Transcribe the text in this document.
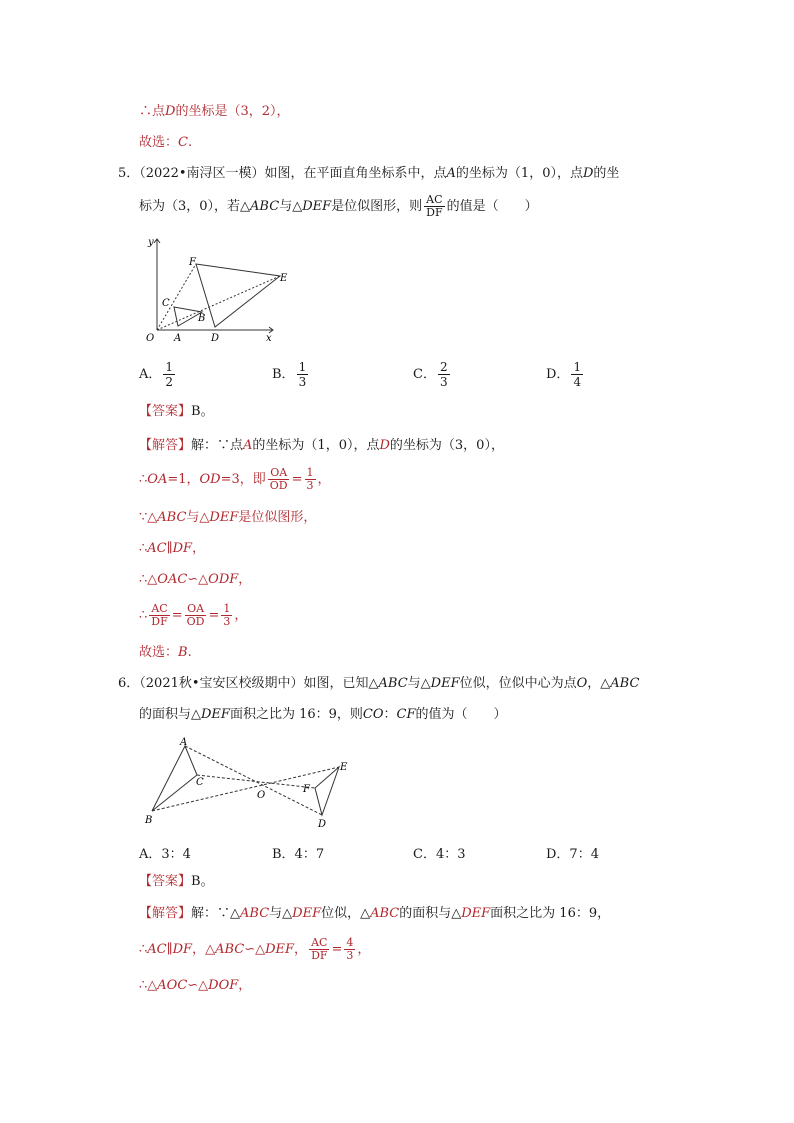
∴点D的坐标是（3，2），
故选：C.
5．（2022•南浔区一模）如图，在平面直角坐标系中，点A的坐标为（1，0），点D的坐
标为（3，0），若△ABC与△DEF是位似图形，则 $\frac{AC}{DF}$ 的值是（　　）
y
x
O A
B
C
D
E
F
A． $\frac{1}{2}$	B． $\frac{1}{3}$	C． $\frac{2}{3}$	D． $\frac{1}{4}$
【答案】B。
【解答】解：∵点A的坐标为（1，0），点D的坐标为（3，0），
∴OA=1，OD=3，即 $\frac{OA}{OD} = \frac{1}{3}$ ，
∵△ABC与△DEF是位似图形，
∴AC∥DF，
∴△OAC∽△ODF，
∴ $\frac{AC}{DF} = \frac{OA}{OD} = \frac{1}{3}$ ，
故选：B.
6．（2021秋•宝安区校级期中）如图，已知△ABC与△DEF位似，位似中心为点O，△ABC
的面积与△DEF面积之比为 16：9，则CO：CF的值为（　　）
A
B
C
O
D
E
F
A．3：4	B．4：7	C．4：3	D．7：4
【答案】B。
【解答】解：∵△ABC与△DEF位似，△ABC的面积与△DEF面积之比为 16：9，
∴AC∥DF，△ABC∽△DEF， $\frac{AC}{DF} = \frac{4}{3}$ ，
∴△AOC∽△DOF，
